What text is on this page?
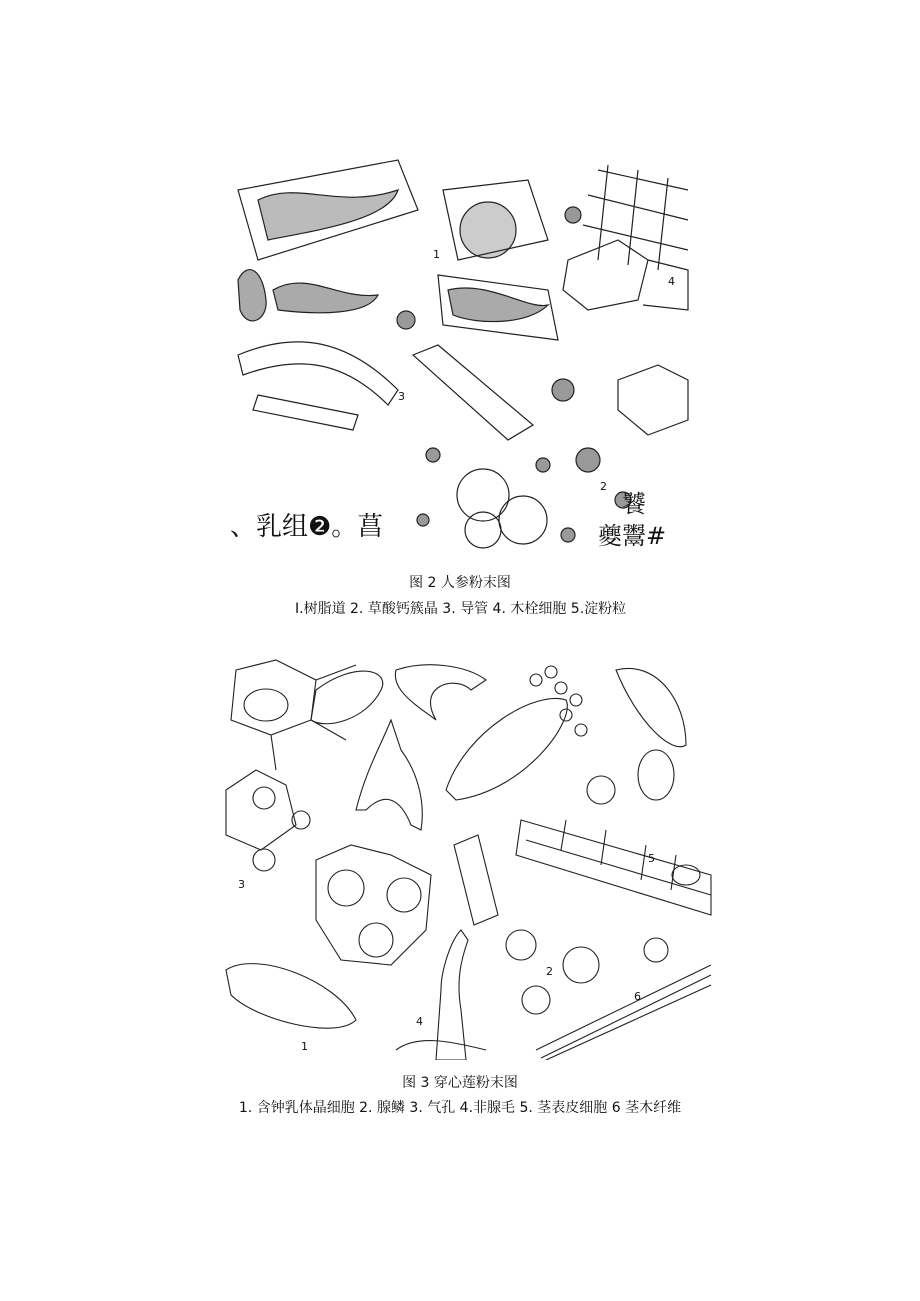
1
2
3
4
、乳组❷。菖
饕
夔鬻#
图 2 人参粉末图
I.树脂道 2. 草酸钙簇晶 3. 导管 4. 木栓细胞 5.淀粉粒
1
2
3
4
5
6
图 3 穿心莲粉末图
1. 含钟乳体晶细胞 2. 腺鳞 3. 气孔 4.非腺毛 5. 茎表皮细胞 6 茎木纤维
